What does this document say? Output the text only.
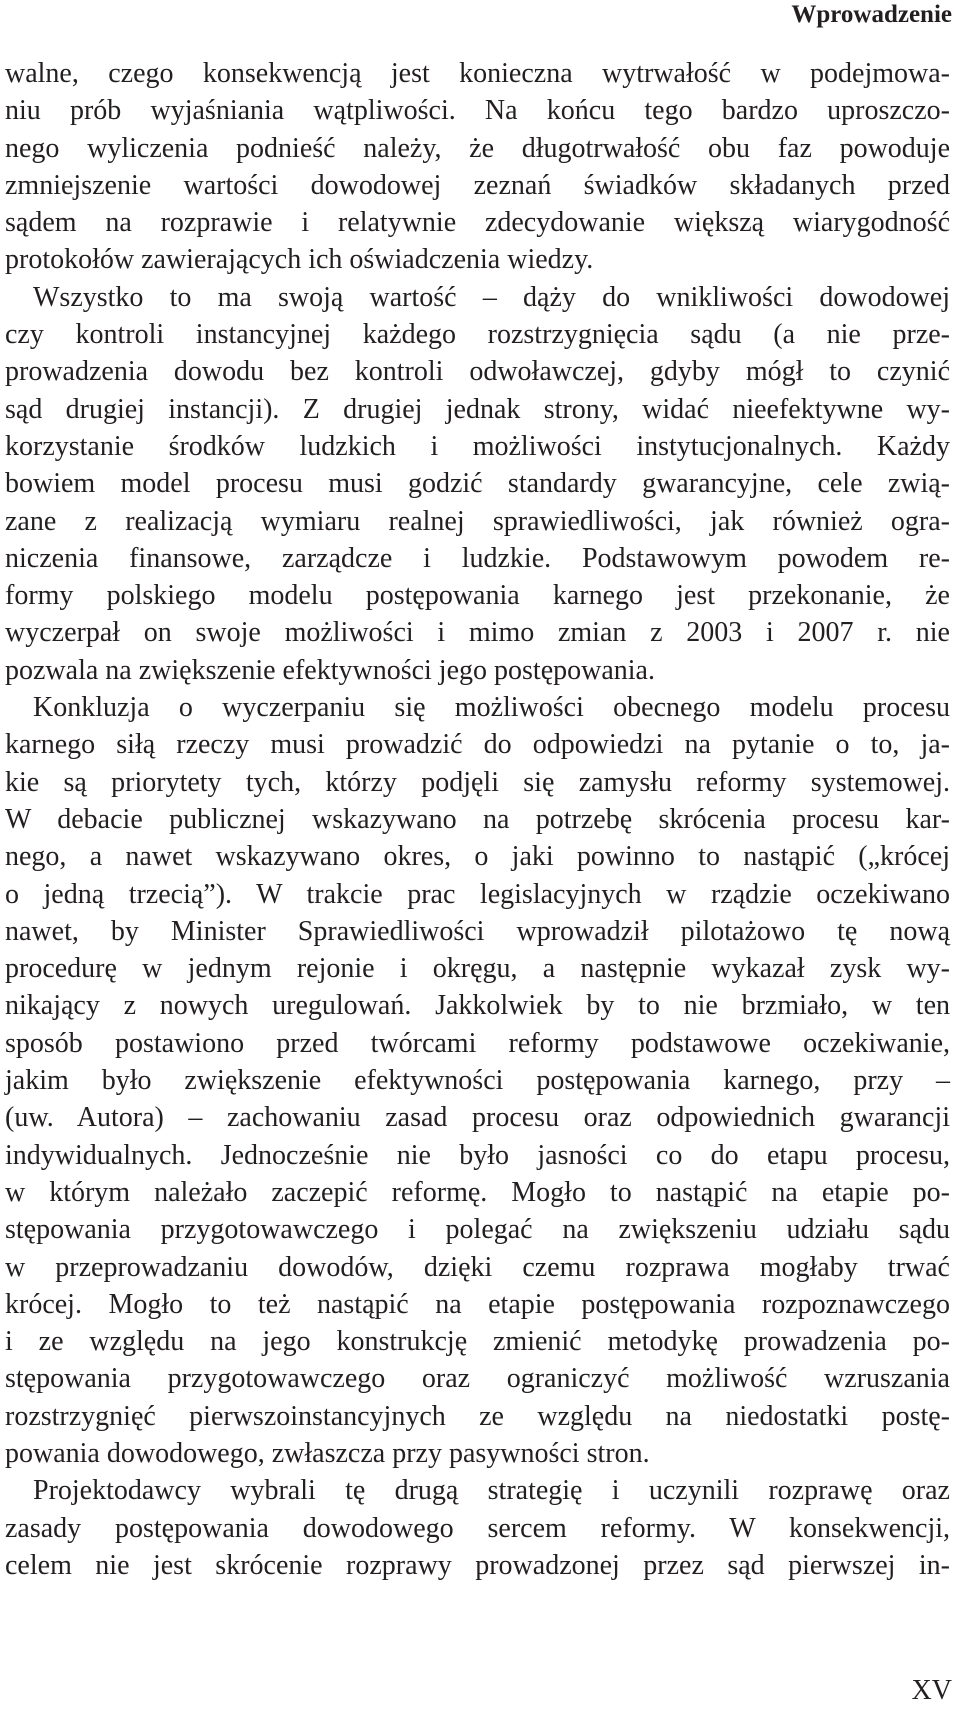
Wprowadzenie
walne, czego konsekwencją jest konieczna wytrwałość w podejmowa-
niu prób wyjaśniania wątpliwości. Na końcu tego bardzo uproszczo-
nego wyliczenia podnieść należy, że długotrwałość obu faz powoduje
zmniejszenie wartości dowodowej zeznań świadków składanych przed
sądem na rozprawie i relatywnie zdecydowanie większą wiarygodność
protokołów zawierających ich oświadczenia wiedzy.
Wszystko to ma swoją wartość – dąży do wnikliwości dowodowej
czy kontroli instancyjnej każdego rozstrzygnięcia sądu (a nie prze-
prowadzenia dowodu bez kontroli odwoławczej, gdyby mógł to czynić
sąd drugiej instancji). Z drugiej jednak strony, widać nieefektywne wy-
korzystanie środków ludzkich i możliwości instytucjonalnych. Każdy
bowiem model procesu musi godzić standardy gwarancyjne, cele zwią-
zane z realizacją wymiaru realnej sprawiedliwości, jak również ogra-
niczenia finansowe, zarządcze i ludzkie. Podstawowym powodem re-
formy polskiego modelu postępowania karnego jest przekonanie, że
wyczerpał on swoje możliwości i mimo zmian z 2003 i 2007 r. nie
pozwala na zwiększenie efektywności jego postępowania.
Konkluzja o wyczerpaniu się możliwości obecnego modelu procesu
karnego siłą rzeczy musi prowadzić do odpowiedzi na pytanie o to, ja-
kie są priorytety tych, którzy podjęli się zamysłu reformy systemowej.
W debacie publicznej wskazywano na potrzebę skrócenia procesu kar-
nego, a nawet wskazywano okres, o jaki powinno to nastąpić („krócej
o jedną trzecią”). W trakcie prac legislacyjnych w rządzie oczekiwano
nawet, by Minister Sprawiedliwości wprowadził pilotażowo tę nową
procedurę w jednym rejonie i okręgu, a następnie wykazał zysk wy-
nikający z nowych uregulowań. Jakkolwiek by to nie brzmiało, w ten
sposób postawiono przed twórcami reformy podstawowe oczekiwanie,
jakim było zwiększenie efektywności postępowania karnego, przy –
(uw. Autora) – zachowaniu zasad procesu oraz odpowiednich gwarancji
indywidualnych. Jednocześnie nie było jasności co do etapu procesu,
w którym należało zaczepić reformę. Mogło to nastąpić na etapie po-
stępowania przygotowawczego i polegać na zwiększeniu udziału sądu
w przeprowadzaniu dowodów, dzięki czemu rozprawa mogłaby trwać
krócej. Mogło to też nastąpić na etapie postępowania rozpoznawczego
i ze względu na jego konstrukcję zmienić metodykę prowadzenia po-
stępowania przygotowawczego oraz ograniczyć możliwość wzruszania
rozstrzygnięć pierwszoinstancyjnych ze względu na niedostatki postę-
powania dowodowego, zwłaszcza przy pasywności stron.
Projektodawcy wybrali tę drugą strategię i uczynili rozprawę oraz
zasady postępowania dowodowego sercem reformy. W konsekwencji,
celem nie jest skrócenie rozprawy prowadzonej przez sąd pierwszej in-
XV
